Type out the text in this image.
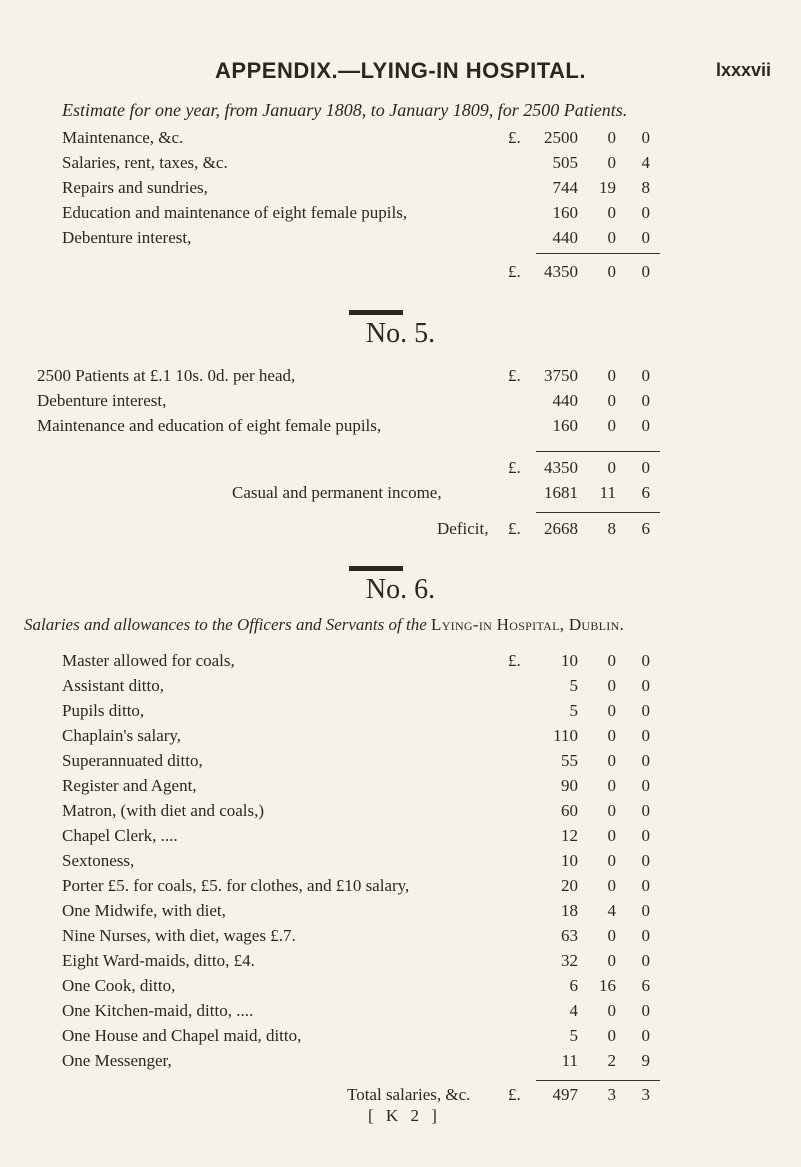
APPENDIX.—LYING-IN HOSPITAL.	lxxxvii
Estimate for one year, from January 1808, to January 1809, for 2500 Patients.
Maintenance, &c.	£.	2500	0	0
Salaries, rent, taxes, &c.	505	0	4
Repairs and sundries,	744	19	8
Education and maintenance of eight female pupils,	160	0	0
Debenture interest,	440	0	0
£.	4350	0	0
No. 5.
2500 Patients at £.1 10s. 0d. per head,	£.	3750	0	0
Debenture interest,	440	0	0
Maintenance and education of eight female pupils,	160	0	0
£.	4350	0	0
Casual and permanent income,	1681	11	6
Deficit, £.	2668	8	6
No. 6.
Salaries and allowances to the Officers and Servants of the Lying-in Hospital, Dublin.
Master allowed for coals,	£.	10	0	0
Assistant ditto,	5	0	0
Pupils ditto,	5	0	0
Chaplain's salary,	110	0	0
Superannuated ditto,	55	0	0
Register and Agent,	90	0	0
Matron, (with diet and coals,)	60	0	0
Chapel Clerk, ....	12	0	0
Sextoness,	10	0	0
Porter £5. for coals, £5. for clothes, and £10 salary,	20	0	0
One Midwife, with diet,	18	4	0
Nine Nurses, with diet, wages £.7.	63	0	0
Eight Ward-maids, ditto, £4.	32	0	0
One Cook, ditto,	6	16	6
One Kitchen-maid, ditto, ....	4	0	0
One House and Chapel maid, ditto,	5	0	0
One Messenger,	11	2	9
Total salaries, &c. £.	497	3	3
[ K 2 ]
